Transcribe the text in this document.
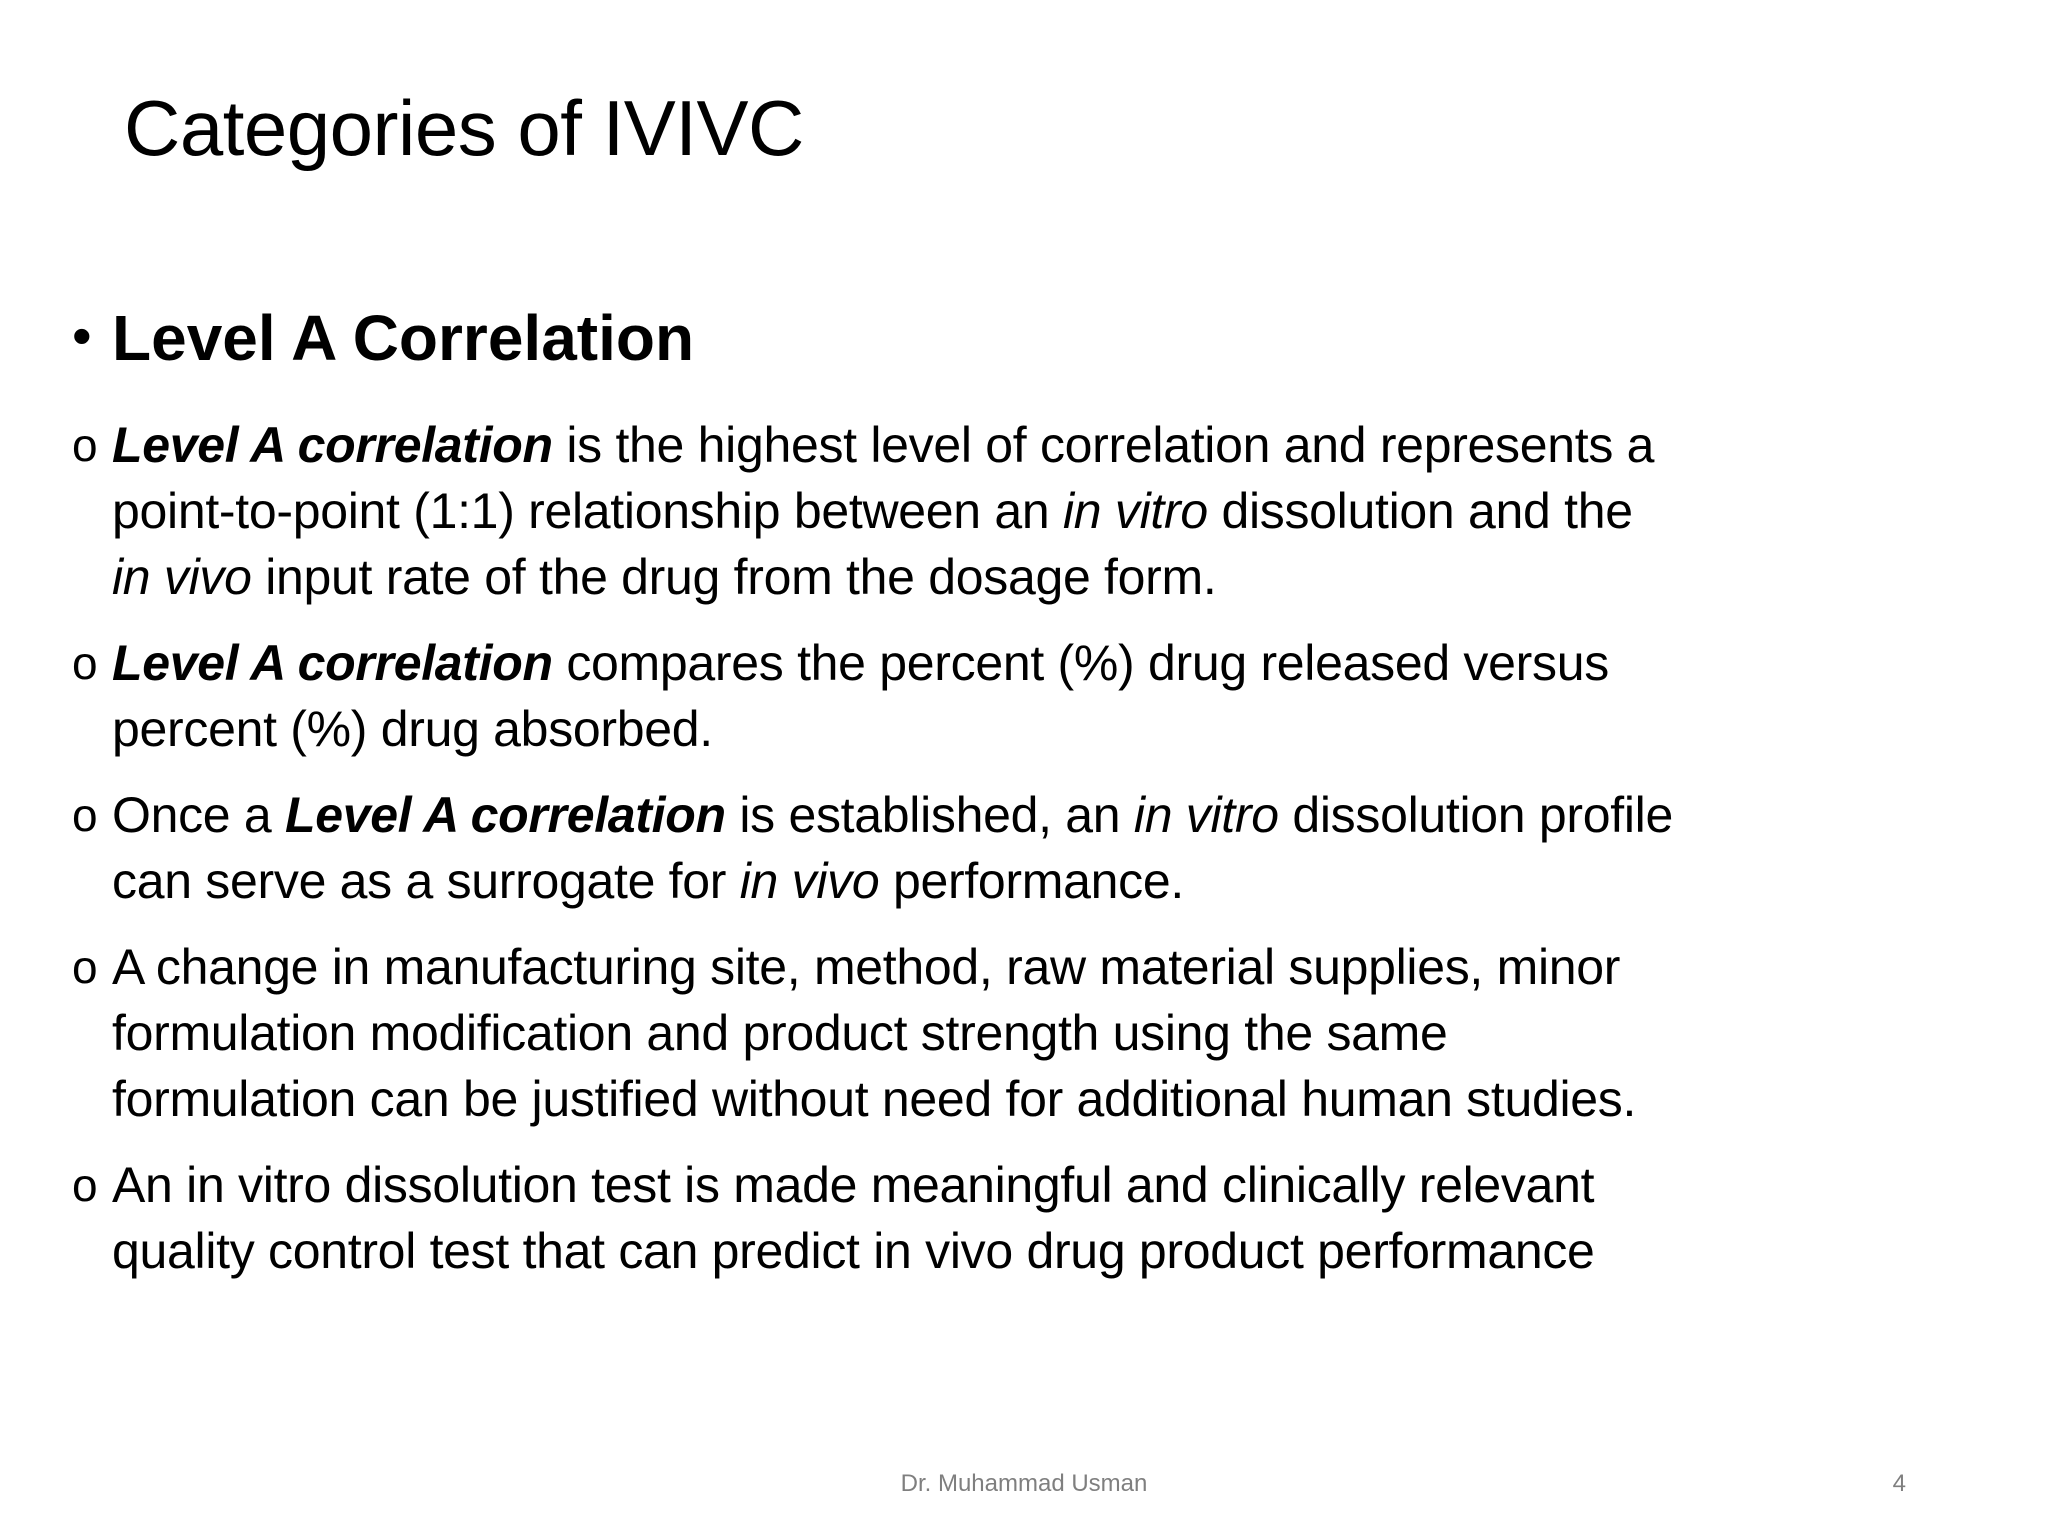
Categories of IVIVC
• Level A Correlation
o Level A correlation is the highest level of correlation and represents a
point-to-point (1:1) relationship between an in vitro dissolution and the
in vivo input rate of the drug from the dosage form.
o Level A correlation compares the percent (%) drug released versus
percent (%) drug absorbed.
o Once a Level A correlation is established, an in vitro dissolution profile
can serve as a surrogate for in vivo performance.
o A change in manufacturing site, method, raw material supplies, minor
formulation modification and product strength using the same
formulation can be justified without need for additional human studies.
o An in vitro dissolution test is made meaningful and clinically relevant
quality control test that can predict in vivo drug product performance
Dr. Muhammad Usman	4
